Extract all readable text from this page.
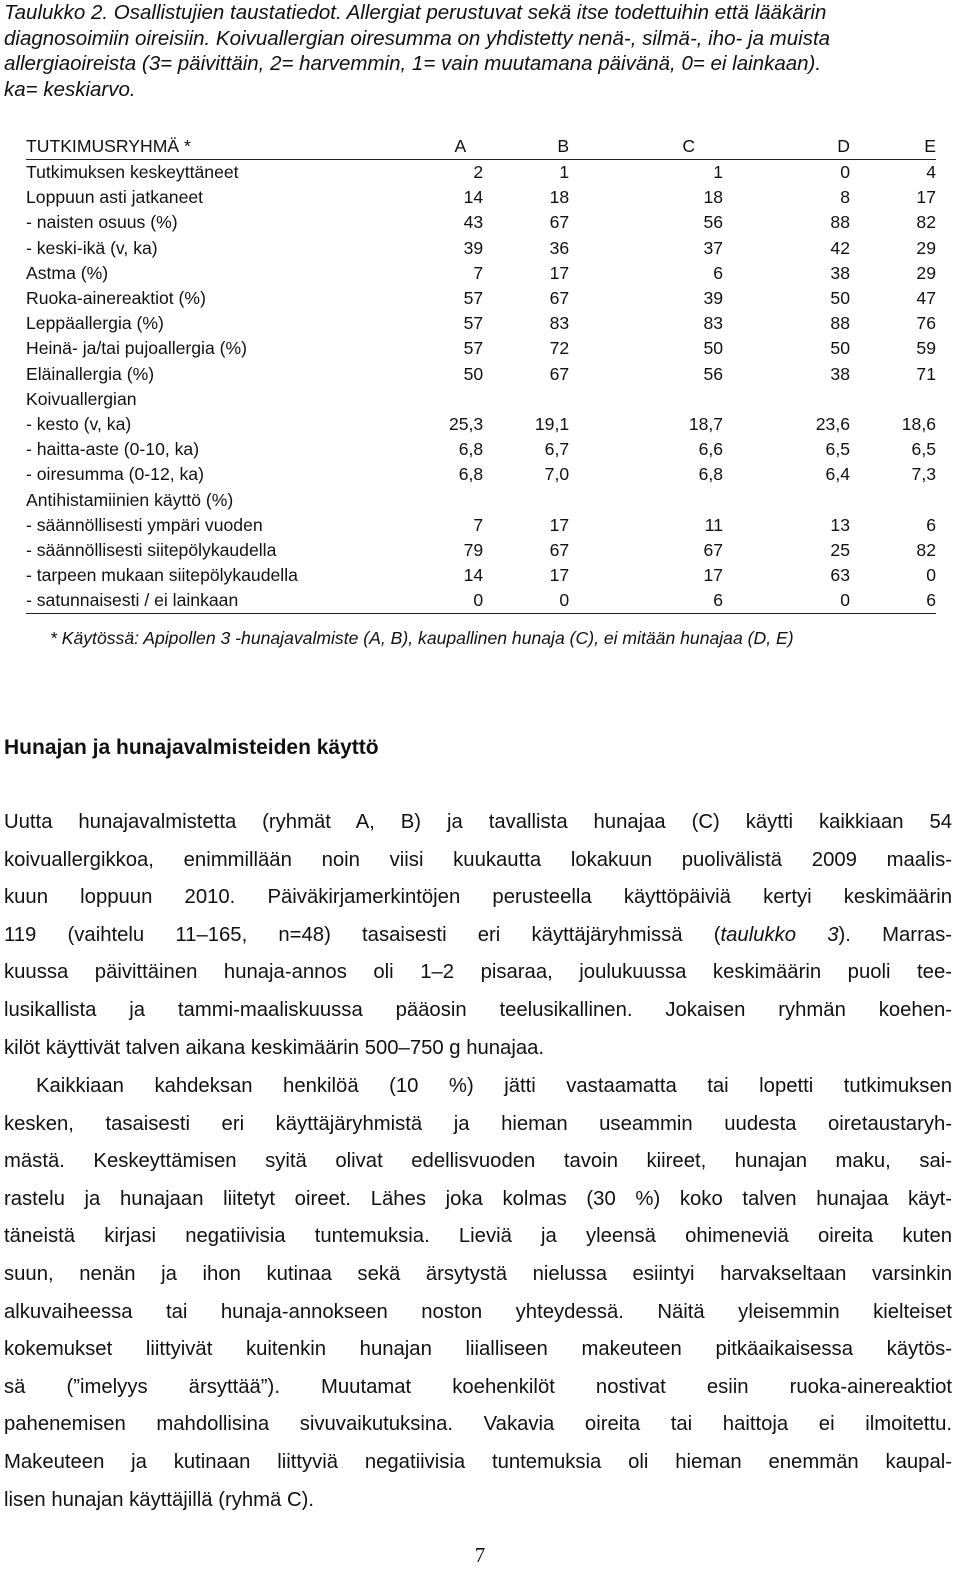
Taulukko 2. Osallistujien taustatiedot. Allergiat perustuvat sekä itse todettuihin että lääkärin
diagnosoimiin oireisiin. Koivuallergian oiresumma on yhdistetty nenä-, silmä-, iho- ja muista
allergiaoireista (3= päivittäin, 2= harvemmin, 1= vain muutamana päivänä, 0= ei lainkaan).
ka= keskiarvo.
TUTKIMUSRYHMÄ *	A	B	C	D	E
Tutkimuksen keskeyttäneet	2	1	1	0	4
Loppuun asti jatkaneet	14	18	18	8	17
- naisten osuus (%)	43	67	56	88	82
- keski-ikä (v, ka)	39	36	37	42	29
Astma (%)	7	17	6	38	29
Ruoka-ainereaktiot (%)	57	67	39	50	47
Leppäallergia (%)	57	83	83	88	76
Heinä- ja/tai pujoallergia (%)	57	72	50	50	59
Eläinallergia (%)	50	67	56	38	71
Koivuallergian					
- kesto (v, ka)	25,3	19,1	18,7	23,6	18,6
- haitta-aste (0-10, ka)	6,8	6,7	6,6	6,5	6,5
- oiresumma (0-12, ka)	6,8	7,0	6,8	6,4	7,3
Antihistamiinien käyttö (%)					
- säännöllisesti ympäri vuoden	7	17	11	13	6
- säännöllisesti siitepölykaudella	79	67	67	25	82
- tarpeen mukaan siitepölykaudella	14	17	17	63	0
- satunnaisesti / ei lainkaan	0	0	6	0	6

* Käytössä: Apipollen 3 -hunajavalmiste (A, B), kaupallinen hunaja (C), ei mitään hunajaa (D, E)

Hunajan ja hunajavalmisteiden käyttö
Uutta hunajavalmistetta (ryhmät A, B) ja tavallista hunajaa (C) käytti kaikkiaan 54
koivuallergikkoa, enimmillään noin viisi kuukautta lokakuun puolivälistä 2009 maalis-
kuun loppuun 2010. Päiväkirjamerkintöjen perusteella käyttöpäiviä kertyi keskimäärin
119 (vaihtelu 11–165, n=48) tasaisesti eri käyttäjäryhmissä (taulukko 3). Marras-
kuussa päivittäinen hunaja-annos oli 1–2 pisaraa, joulukuussa keskimäärin puoli tee-
lusikallista ja tammi-maaliskuussa pääosin teelusikallinen. Jokaisen ryhmän koehen-
kilöt käyttivät talven aikana keskimäärin 500–750 g hunajaa.
Kaikkiaan kahdeksan henkilöä (10 %) jätti vastaamatta tai lopetti tutkimuksen
kesken, tasaisesti eri käyttäjäryhmistä ja hieman useammin uudesta oiretaustaryh-
mästä. Keskeyttämisen syitä olivat edellisvuoden tavoin kiireet, hunajan maku, sai-
rastelu ja hunajaan liitetyt oireet. Lähes joka kolmas (30 %) koko talven hunajaa käyt-
täneistä kirjasi negatiivisia tuntemuksia. Lieviä ja yleensä ohimeneviä oireita kuten
suun, nenän ja ihon kutinaa sekä ärsytystä nielussa esiintyi harvakseltaan varsinkin
alkuvaiheessa tai hunaja-annokseen noston yhteydessä. Näitä yleisemmin kielteiset
kokemukset liittyivät kuitenkin hunajan liialliseen makeuteen pitkäaikaisessa käytös-
sä (”imelyys ärsyttää”). Muutamat koehenkilöt nostivat esiin ruoka-ainereaktiot
pahenemisen mahdollisina sivuvaikutuksina. Vakavia oireita tai haittoja ei ilmoitettu.
Makeuteen ja kutinaan liittyviä negatiivisia tuntemuksia oli hieman enemmän kaupal-
lisen hunajan käyttäjillä (ryhmä C).
7
